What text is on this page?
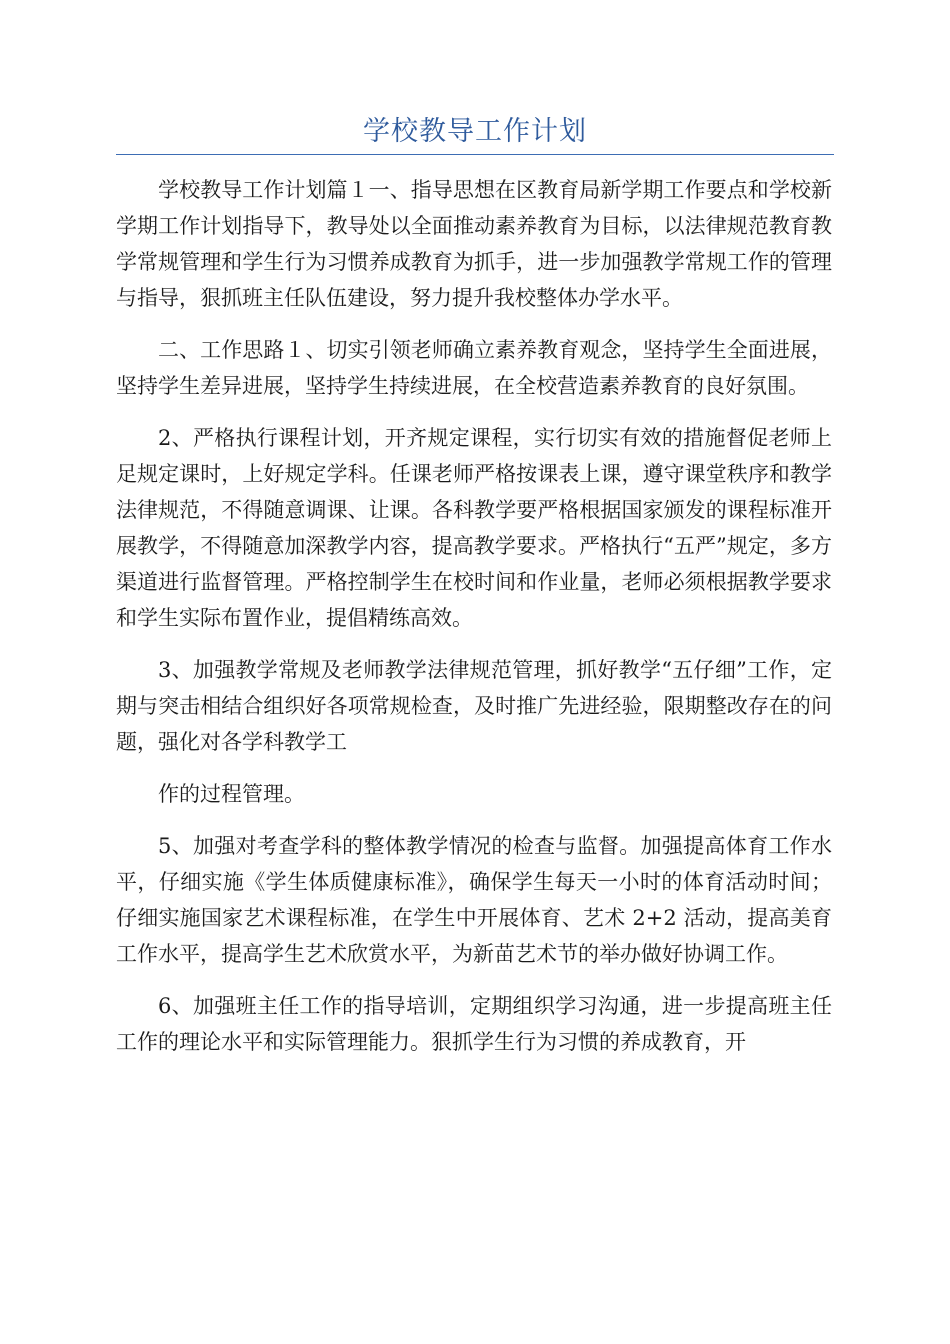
学校教导工作计划

学校教导工作计划篇１一、指导思想在区教育局新学期工作要点和学校新学期工作计划指导下，教导处以全面推动素养教育为目标，以法律规范教育教学常规管理和学生行为习惯养成教育为抓手，进一步加强教学常规工作的管理与指导，狠抓班主任队伍建设，努力提升我校整体办学水平。

二、工作思路１、切实引领老师确立素养教育观念，坚持学生全面进展，坚持学生差异进展，坚持学生持续进展，在全校营造素养教育的良好氛围。

2、严格执行课程计划，开齐规定课程，实行切实有效的措施督促老师上足规定课时，上好规定学科。任课老师严格按课表上课，遵守课堂秩序和教学法律规范，不得随意调课、让课。各科教学要严格根据国家颁发的课程标准开展教学，不得随意加深教学内容，提高教学要求。严格执行“五严”规定，多方渠道进行监督管理。严格控制学生在校时间和作业量，老师必须根据教学要求和学生实际布置作业，提倡精练高效。

3、加强教学常规及老师教学法律规范管理，抓好教学“五仔细”工作，定期与突击相结合组织好各项常规检查，及时推广先进经验，限期整改存在的问题，强化对各学科教学工

作的过程管理。

5、加强对考查学科的整体教学情况的检查与监督。加强提高体育工作水平，仔细实施《学生体质健康标准》，确保学生每天一小时的体育活动时间；仔细实施国家艺术课程标准，在学生中开展体育、艺术 2+2 活动，提高美育工作水平，提高学生艺术欣赏水平，为新苗艺术节的举办做好协调工作。

6、加强班主任工作的指导培训，定期组织学习沟通，进一步提高班主任工作的理论水平和实际管理能力。狠抓学生行为习惯的养成教育，开
